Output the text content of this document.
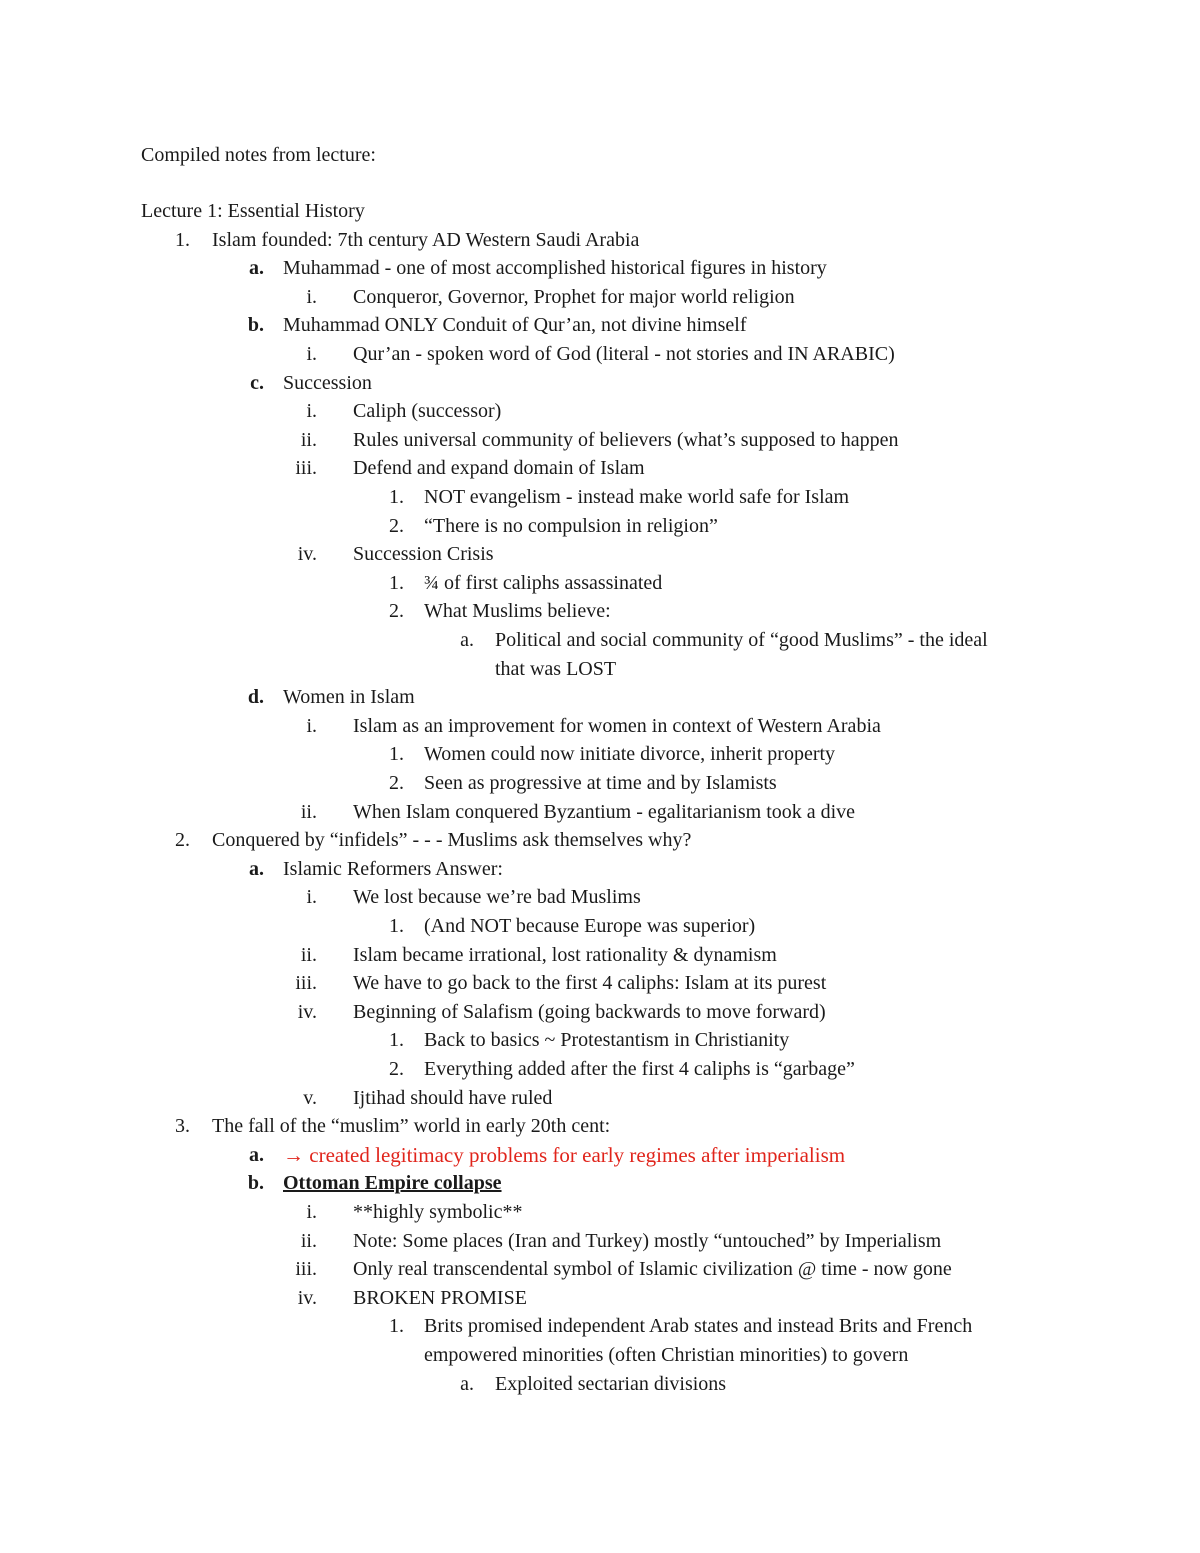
Compiled notes from lecture:
Lecture 1: Essential History
1. Islam founded: 7th century AD Western Saudi Arabia
a. Muhammad - one of most accomplished historical figures in history
i. Conqueror, Governor, Prophet for major world religion
b. Muhammad ONLY Conduit of Qur’an, not divine himself
i. Qur’an - spoken word of God (literal - not stories and IN ARABIC)
c. Succession
i. Caliph (successor)
ii. Rules universal community of believers (what’s supposed to happen
iii. Defend and expand domain of Islam
1. NOT evangelism - instead make world safe for Islam
2. “There is no compulsion in religion”
iv. Succession Crisis
1. ¾ of first caliphs assassinated
2. What Muslims believe:
a. Political and social community of “good Muslims” - the ideal
that was LOST
d. Women in Islam
i. Islam as an improvement for women in context of Western Arabia
1. Women could now initiate divorce, inherit property
2. Seen as progressive at time and by Islamists
ii. When Islam conquered Byzantium - egalitarianism took a dive
2. Conquered by “infidels” - - - Muslims ask themselves why?
a. Islamic Reformers Answer:
i. We lost because we’re bad Muslims
1. (And NOT because Europe was superior)
ii. Islam became irrational, lost rationality & dynamism
iii. We have to go back to the first 4 caliphs: Islam at its purest
iv. Beginning of Salafism (going backwards to move forward)
1. Back to basics ~ Protestantism in Christianity
2. Everything added after the first 4 caliphs is “garbage”
v. Ijtihad should have ruled
3. The fall of the “muslim” world in early 20th cent:
a. → created legitimacy problems for early regimes after imperialism
b. Ottoman Empire collapse
i. **highly symbolic**
ii. Note: Some places (Iran and Turkey) mostly “untouched” by Imperialism
iii. Only real transcendental symbol of Islamic civilization @ time - now gone
iv. BROKEN PROMISE
1. Brits promised independent Arab states and instead Brits and French
empowered minorities (often Christian minorities) to govern
a. Exploited sectarian divisions
